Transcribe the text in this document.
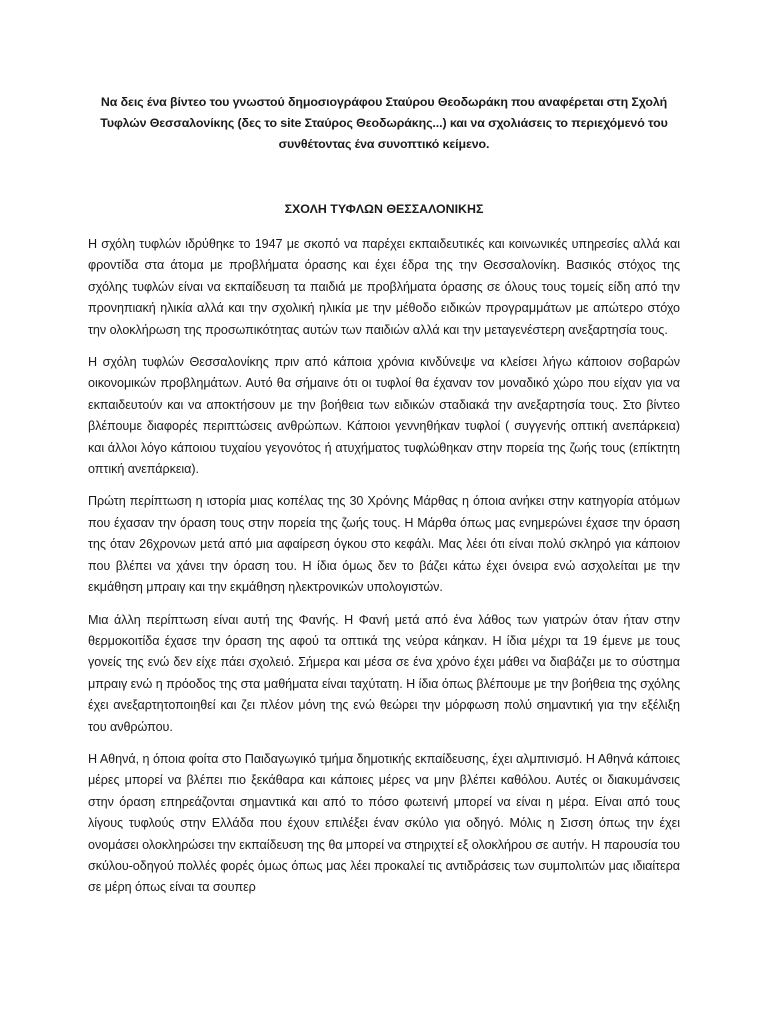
Να δεις ένα βίντεο του γνωστού δημοσιογράφου Σταύρου Θεοδωράκη που αναφέρεται στη Σχολή Τυφλών Θεσσαλονίκης (δες το site Σταύρος Θεοδωράκης...) και να σχολιάσεις το περιεχόμενό του συνθέτοντας ένα συνοπτικό κείμενο.

ΣΧΟΛΗ ΤΥΦΛΩΝ ΘΕΣΣΑΛΟΝΙΚΗΣ

Η σχόλη τυφλών ιδρύθηκε το 1947 με σκοπό να παρέχει εκπαιδευτικές και κοινωνικές υπηρεσίες αλλά και φροντίδα στα άτομα με προβλήματα όρασης και έχει έδρα της την Θεσσαλονίκη. Βασικός στόχος της σχόλης τυφλών είναι να εκπαίδευση τα παιδιά με προβλήματα όρασης σε όλους τους τομείς είδη από την προνηπιακή ηλικία αλλά και την σχολική ηλικία με την μέθοδο ειδικών προγραμμάτων με απώτερο στόχο την ολοκλήρωση της προσωπικότητας αυτών των παιδιών αλλά και την μεταγενέστερη ανεξαρτησία τους.

Η σχόλη τυφλών Θεσσαλονίκης πριν από κάποια χρόνια κινδύνεψε να κλείσει λήγω κάποιον σοβαρών οικονομικών προβλημάτων. Αυτό θα σήμαινε ότι οι τυφλοί θα έχαναν τον μοναδικό χώρο που είχαν για να εκπαιδευτούν και να αποκτήσουν με την βοήθεια των ειδικών σταδιακά την ανεξαρτησία τους. Στο βίντεο βλέπουμε διαφορές περιπτώσεις ανθρώπων. Κάποιοι γεννηθήκαν τυφλοί ( συγγενής οπτική ανεπάρκεια) και άλλοι λόγο κάποιου τυχαίου γεγονότος ή ατυχήματος τυφλώθηκαν στην πορεία της ζωής τους (επίκτητη οπτική ανεπάρκεια).

Πρώτη περίπτωση η ιστορία μιας κοπέλας της 30 Χρόνης Μάρθας η όποια ανήκει στην κατηγορία ατόμων που έχασαν την όραση τους στην πορεία της ζωής τους. Η Μάρθα όπως μας ενημερώνει έχασε την όραση της όταν 26χρονων μετά από μια αφαίρεση όγκου στο κεφάλι. Μας λέει ότι είναι πολύ σκληρό για κάποιον που βλέπει να χάνει την όραση του. Η ίδια όμως δεν το βάζει κάτω έχει όνειρα ενώ ασχολείται με την εκμάθηση μπραιγ και την εκμάθηση ηλεκτρονικών υπολογιστών.

Μια άλλη περίπτωση είναι αυτή της Φανής. Η Φανή μετά από ένα λάθος των γιατρών όταν ήταν στην θερμοκοιτίδα έχασε την όραση της αφού τα οπτικά της νεύρα κάηκαν. Η ίδια μέχρι τα 19 έμενε με τους γονείς της ενώ δεν είχε πάει σχολειό. Σήμερα και μέσα σε ένα χρόνο έχει μάθει να διαβάζει με το σύστημα μπραιγ ενώ η πρόοδος της στα μαθήματα είναι ταχύτατη. Η ίδια όπως βλέπουμε με την βοήθεια της σχόλης έχει ανεξαρτητοποιηθεί και ζει πλέον μόνη της ενώ θεώρει την μόρφωση πολύ σημαντική για την εξέλιξη του ανθρώπου.

Η Αθηνά, η όποια φοίτα στο Παιδαγωγικό τμήμα δημοτικής εκπαίδευσης, έχει αλμπινισμό. Η Αθηνά κάποιες μέρες μπορεί να βλέπει πιο ξεκάθαρα και κάποιες μέρες να μην βλέπει καθόλου. Αυτές οι διακυμάνσεις στην όραση επηρεάζονται σημαντικά και από το πόσο φωτεινή μπορεί να είναι η μέρα. Είναι από τους λίγους τυφλούς στην Ελλάδα που έχουν επιλέξει έναν σκύλο για οδηγό. Μόλις η Σισση όπως την έχει ονομάσει ολοκληρώσει την εκπαίδευση της θα μπορεί να στηριχτεί εξ ολοκλήρου σε αυτήν. Η παρουσία του σκύλου-οδηγού πολλές φορές όμως όπως μας λέει προκαλεί τις αντιδράσεις των συμπολιτών μας ιδιαίτερα σε μέρη όπως είναι τα σουπερ
